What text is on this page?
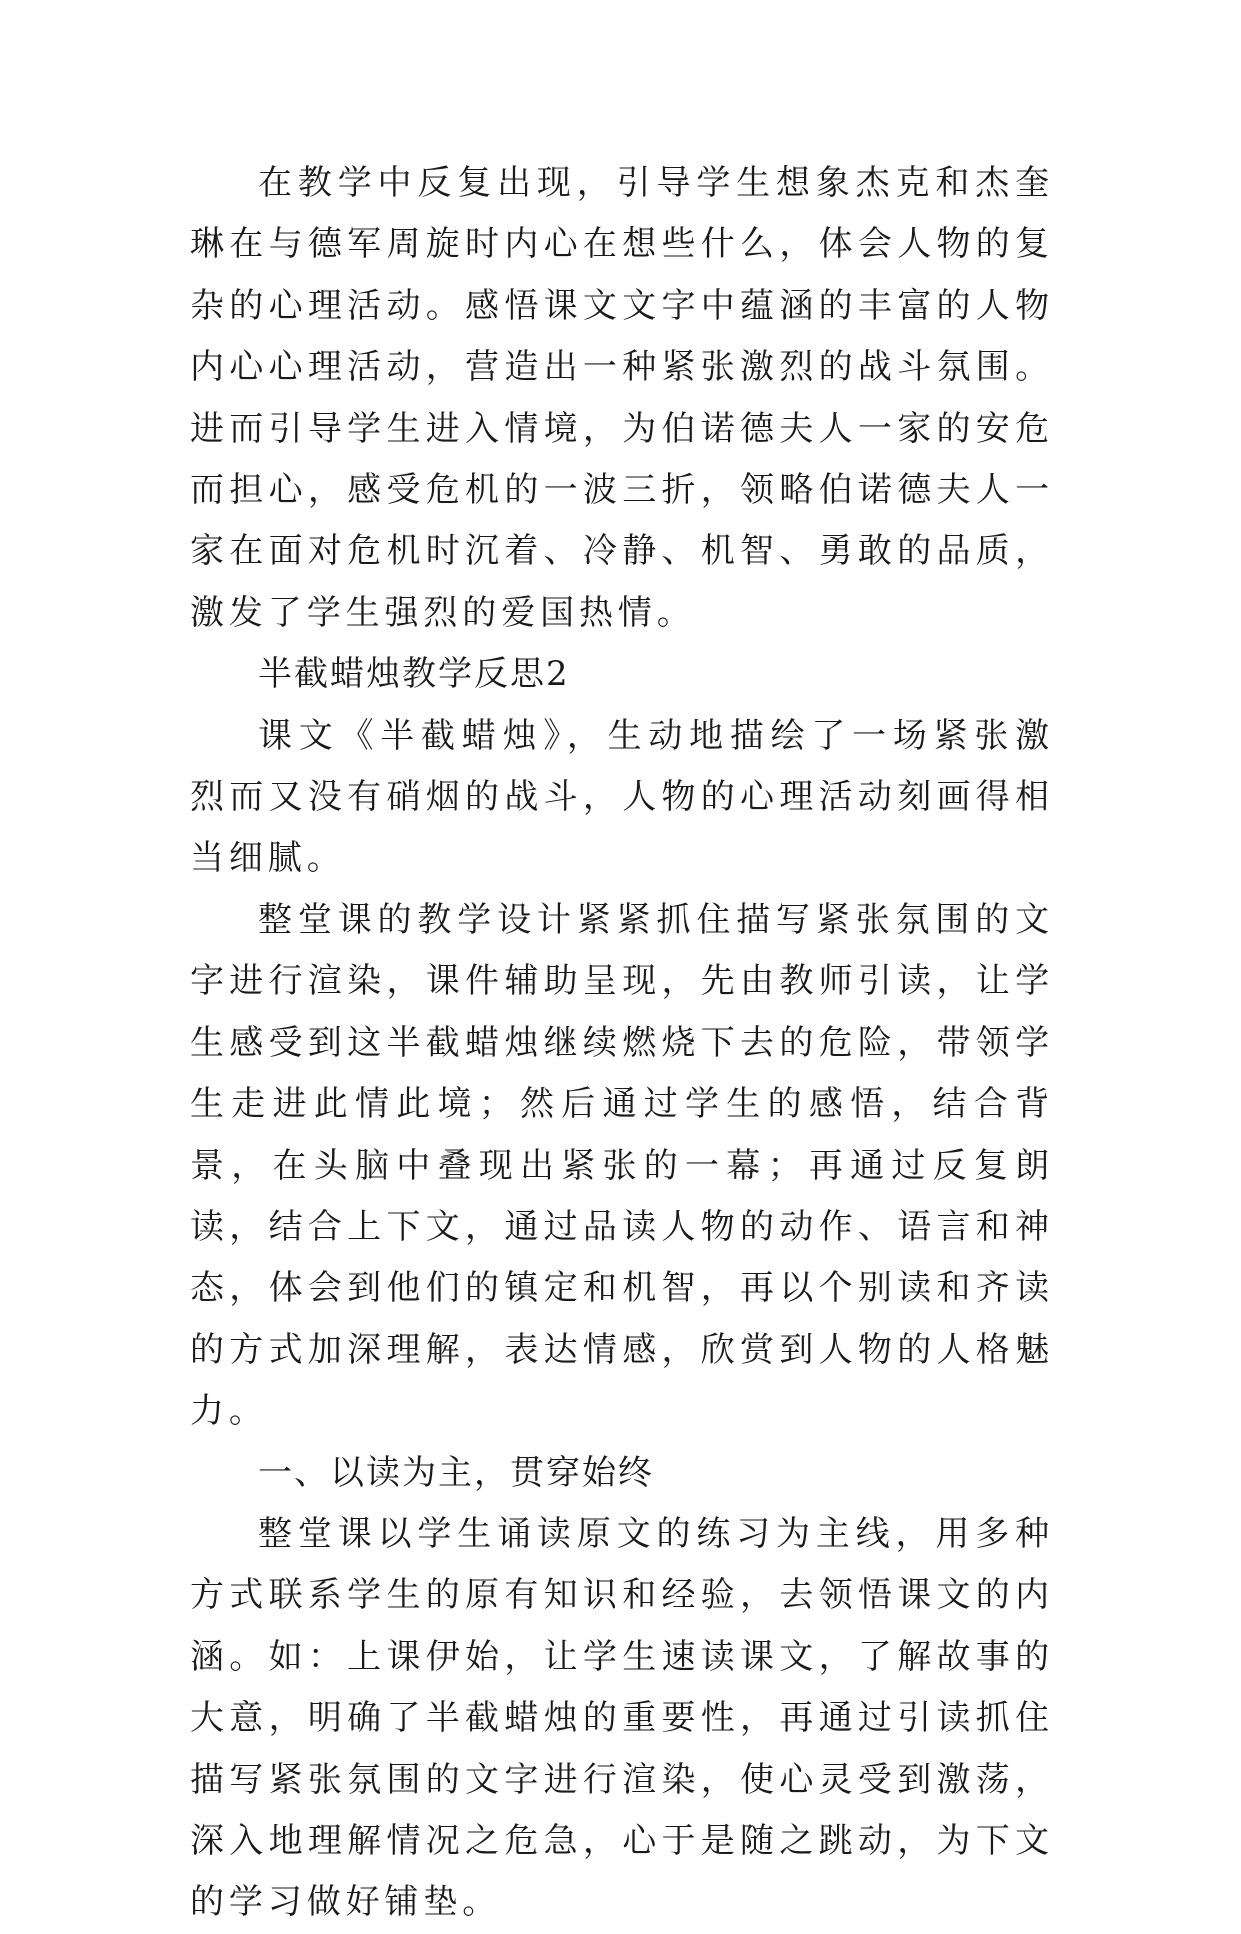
在教学中反复出现，引导学生想象杰克和杰奎琳在与德军周旋时内心在想些什么，体会人物的复杂的心理活动。感悟课文文字中蕴涵的丰富的人物内心心理活动，营造出一种紧张激烈的战斗氛围。进而引导学生进入情境，为伯诺德夫人一家的安危而担心，感受危机的一波三折，领略伯诺德夫人一家在面对危机时沉着、冷静、机智、勇敢的品质，激发了学生强烈的爱国热情。

半截蜡烛教学反思2

课文《半截蜡烛》，生动地描绘了一场紧张激烈而又没有硝烟的战斗，人物的心理活动刻画得相当细腻。

整堂课的教学设计紧紧抓住描写紧张氛围的文字进行渲染，课件辅助呈现，先由教师引读，让学生感受到这半截蜡烛继续燃烧下去的危险，带领学生走进此情此境；然后通过学生的感悟，结合背景，在头脑中叠现出紧张的一幕；再通过反复朗读，结合上下文，通过品读人物的动作、语言和神态，体会到他们的镇定和机智，再以个别读和齐读的方式加深理解，表达情感，欣赏到人物的人格魅力。

一、以读为主，贯穿始终

整堂课以学生诵读原文的练习为主线，用多种方式联系学生的原有知识和经验，去领悟课文的内涵。如：上课伊始，让学生速读课文，了解故事的大意，明确了半截蜡烛的重要性，再通过引读抓住描写紧张氛围的文字进行渲染，使心灵受到激荡，深入地理解情况之危急，心于是随之跳动，为下文的学习做好铺垫。
